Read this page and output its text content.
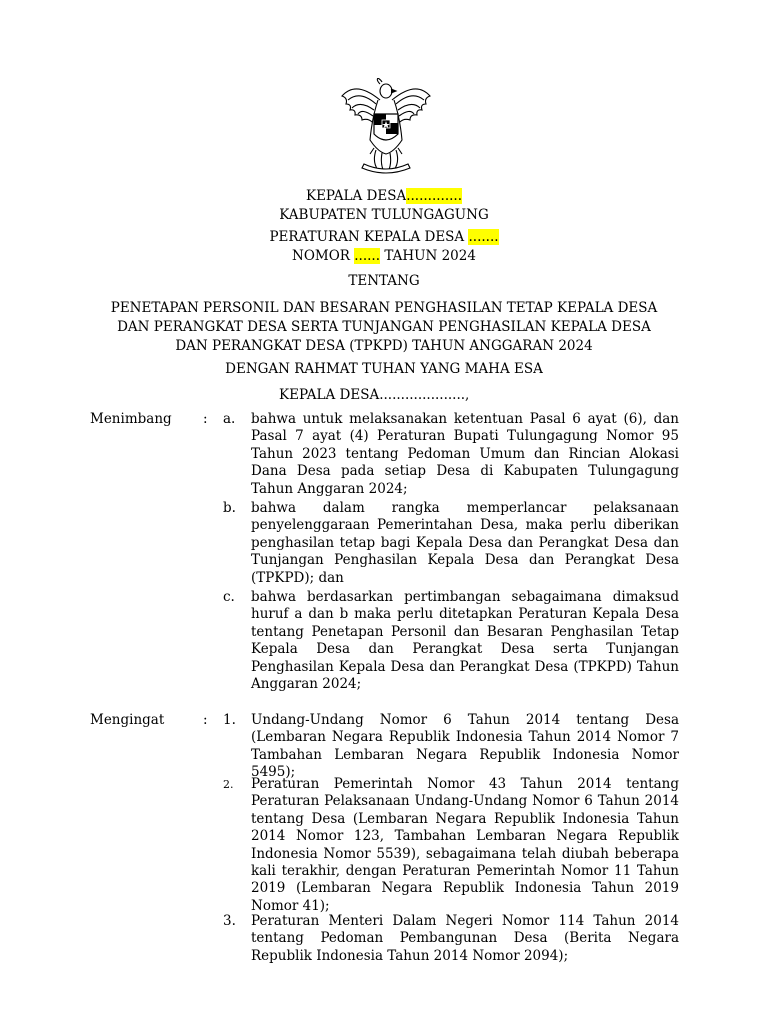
KEPALA DESA.............
KABUPATEN TULUNGAGUNG
PERATURAN KEPALA DESA .......
NOMOR ...... TAHUN 2024
TENTANG
PENETAPAN PERSONIL DAN BESARAN PENGHASILAN TETAP KEPALA DESA
DAN PERANGKAT DESA SERTA TUNJANGAN PENGHASILAN KEPALA DESA
DAN PERANGKAT DESA (TPKPD) TAHUN ANGGARAN 2024
DENGAN RAHMAT TUHAN YANG MAHA ESA
KEPALA DESA....................,
Menimbang : a. bahwa untuk melaksanakan ketentuan Pasal 6 ayat (6), dan Pasal 7 ayat (4) Peraturan Bupati Tulungagung Nomor 95 Tahun 2023 tentang Pedoman Umum dan Rincian Alokasi Dana Desa pada setiap Desa di Kabupaten Tulungagung Tahun Anggaran 2024;
b. bahwa dalam rangka memperlancar pelaksanaan penyelenggaraan Pemerintahan Desa, maka perlu diberikan penghasilan tetap bagi Kepala Desa dan Perangkat Desa dan Tunjangan Penghasilan Kepala Desa dan Perangkat Desa (TPKPD); dan
c. bahwa berdasarkan pertimbangan sebagaimana dimaksud huruf a dan b maka perlu ditetapkan Peraturan Kepala Desa tentang Penetapan Personil dan Besaran Penghasilan Tetap Kepala Desa dan Perangkat Desa serta Tunjangan Penghasilan Kepala Desa dan Perangkat Desa (TPKPD) Tahun Anggaran 2024;
Mengingat	: 1. Undang-Undang Nomor 6 Tahun 2014 tentang Desa (Lembaran Negara Republik Indonesia Tahun 2014 Nomor 7 Tambahan Lembaran Negara Republik Indonesia Nomor 5495);
2. Peraturan Pemerintah Nomor 43 Tahun 2014 tentang Peraturan Pelaksanaan Undang-Undang Nomor 6 Tahun 2014 tentang Desa (Lembaran Negara Republik Indonesia Tahun 2014 Nomor 123, Tambahan Lembaran Negara Republik Indonesia Nomor 5539), sebagaimana telah diubah beberapa kali terakhir, dengan Peraturan Pemerintah Nomor 11 Tahun 2019 (Lembaran Negara Republik Indonesia Tahun 2019 Nomor 41);
3. Peraturan Menteri Dalam Negeri Nomor 114 Tahun 2014 tentang Pedoman Pembangunan Desa (Berita Negara Republik Indonesia Tahun 2014 Nomor 2094);
